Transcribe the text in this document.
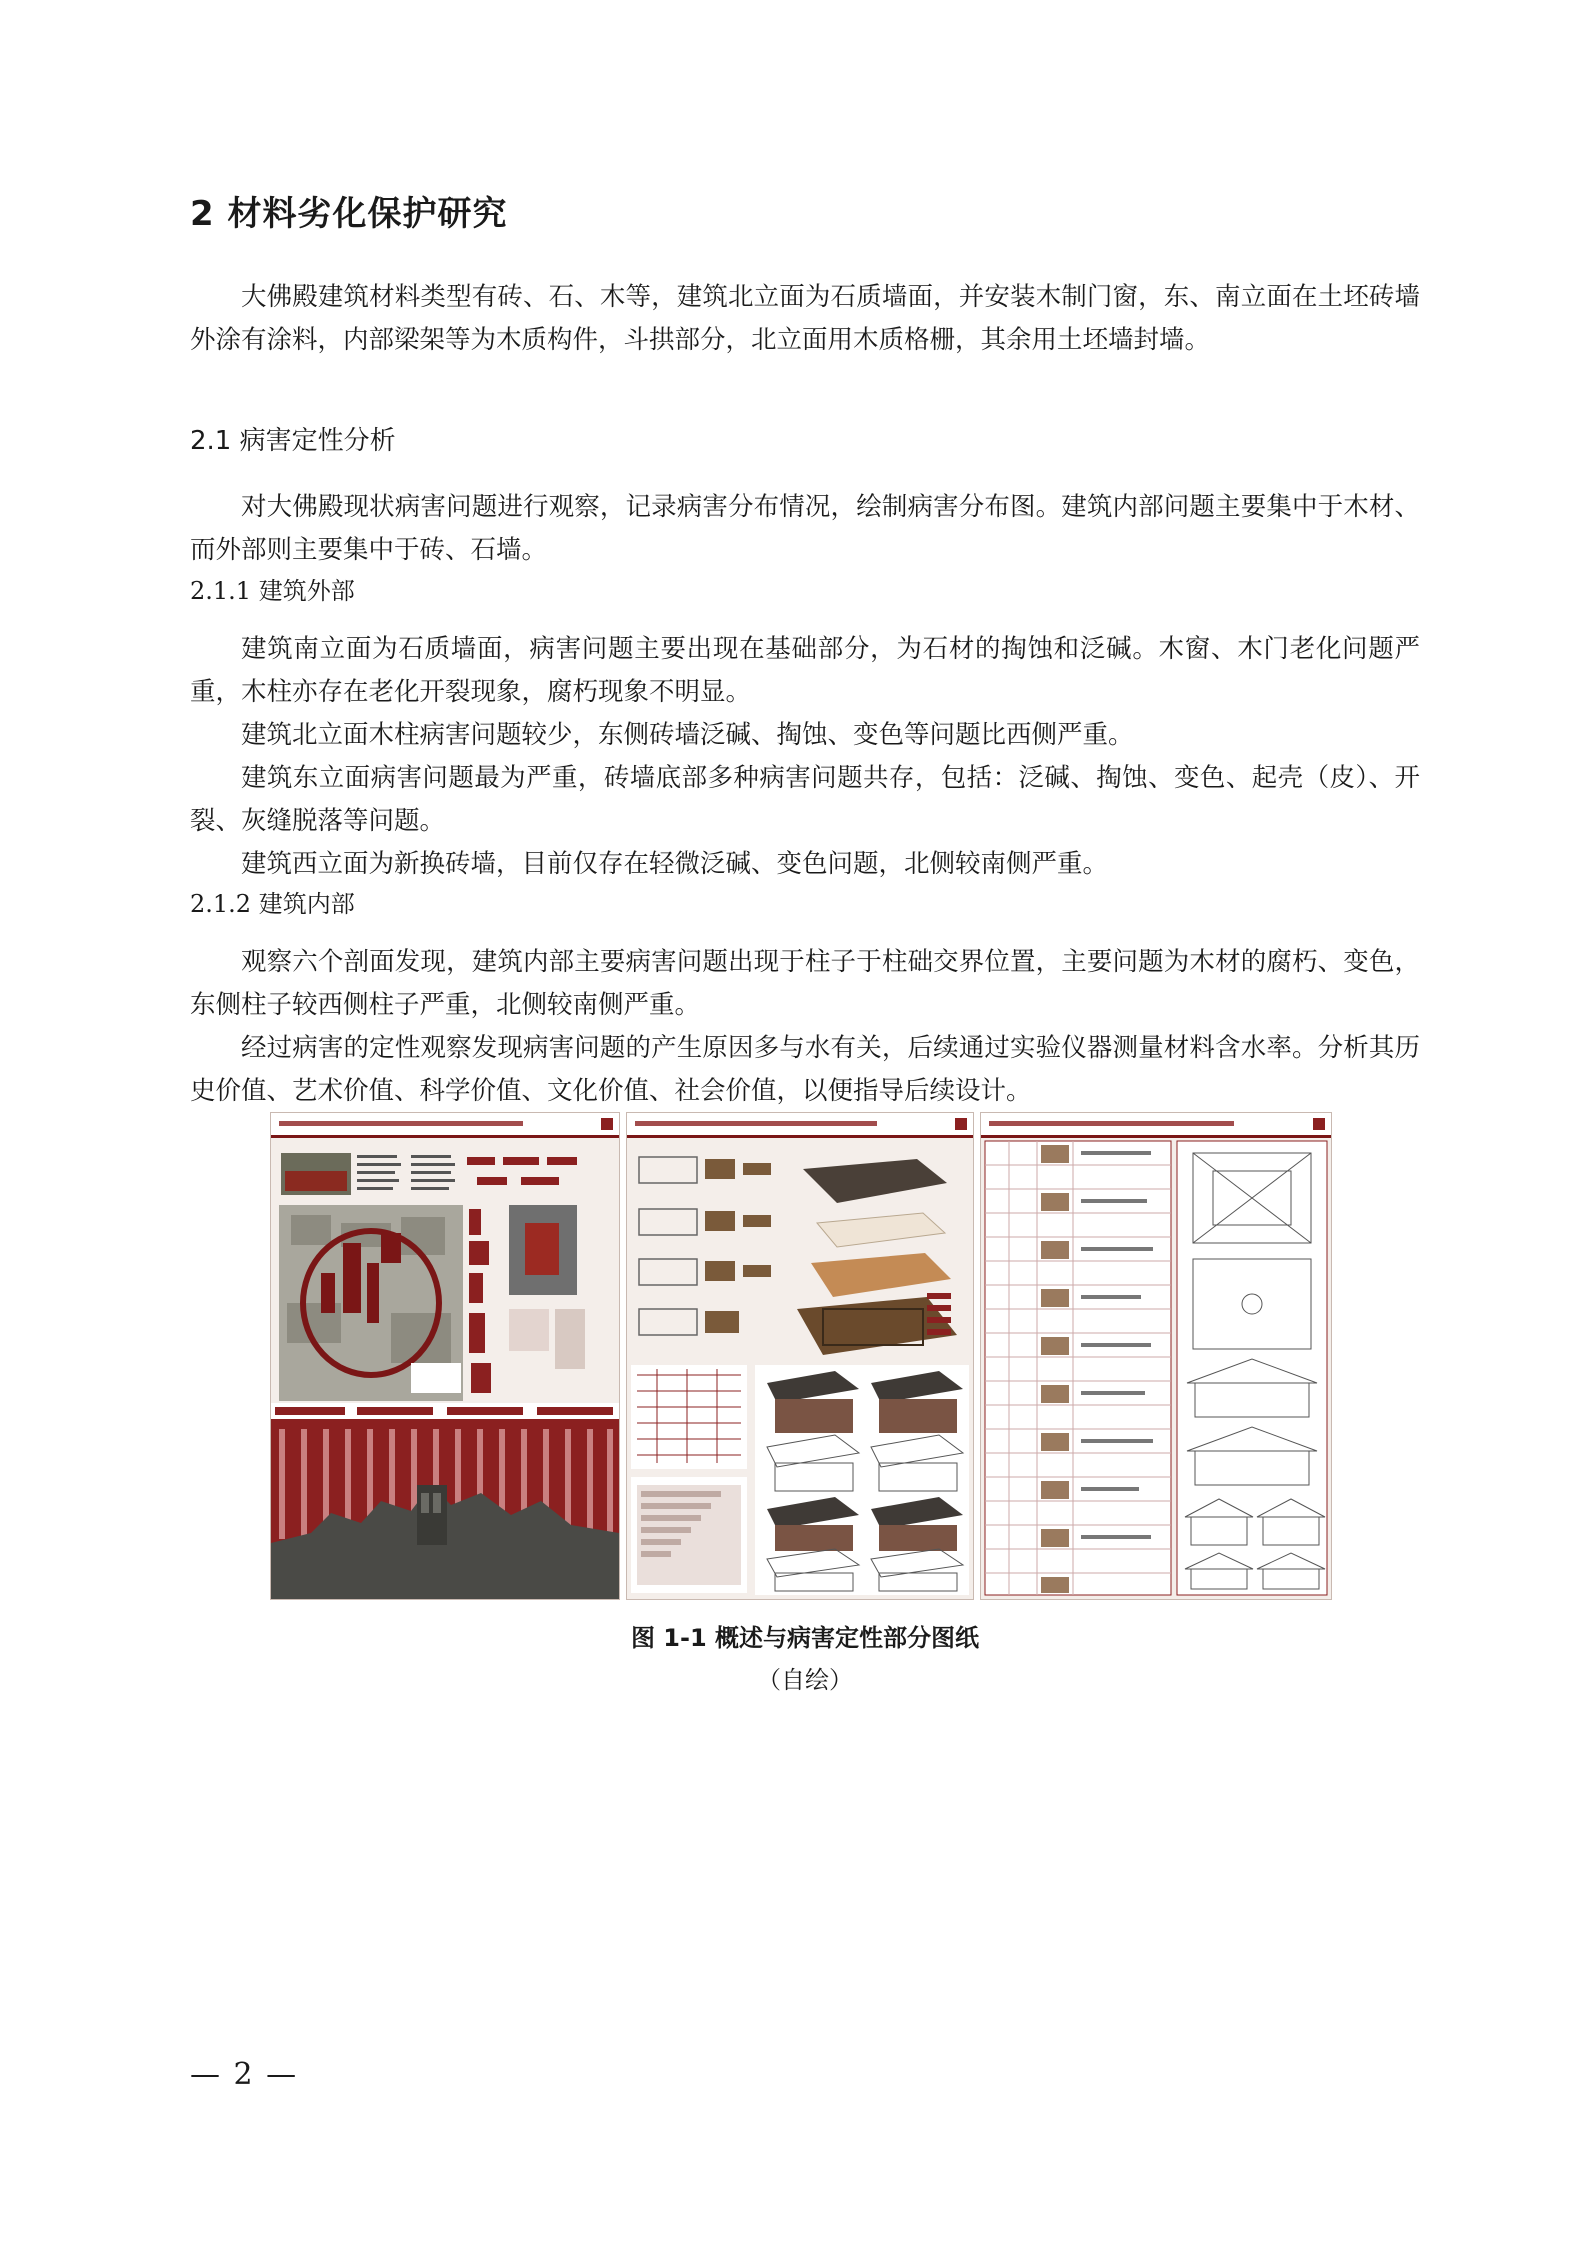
2 材料劣化保护研究

大佛殿建筑材料类型有砖、石、木等，建筑北立面为石质墙面，并安装木制门窗，东、南立面在土坯砖墙外涂有涂料，内部梁架等为木质构件，斗拱部分，北立面用木质格栅，其余用土坯墙封墙。

2.1 病害定性分析

对大佛殿现状病害问题进行观察，记录病害分布情况，绘制病害分布图。建筑内部问题主要集中于木材、而外部则主要集中于砖、石墙。

2.1.1 建筑外部

建筑南立面为石质墙面，病害问题主要出现在基础部分，为石材的掏蚀和泛碱。木窗、木门老化问题严重，木柱亦存在老化开裂现象，腐朽现象不明显。

建筑北立面木柱病害问题较少，东侧砖墙泛碱、掏蚀、变色等问题比西侧严重。

建筑东立面病害问题最为严重，砖墙底部多种病害问题共存，包括：泛碱、掏蚀、变色、起壳（皮）、开裂、灰缝脱落等问题。

建筑西立面为新换砖墙，目前仅存在轻微泛碱、变色问题，北侧较南侧严重。

2.1.2 建筑内部

观察六个剖面发现，建筑内部主要病害问题出现于柱子于柱础交界位置，主要问题为木材的腐朽、变色，东侧柱子较西侧柱子严重，北侧较南侧严重。

经过病害的定性观察发现病害问题的产生原因多与水有关，后续通过实验仪器测量材料含水率。分析其历史价值、艺术价值、科学价值、文化价值、社会价值，以便指导后续设计。

图 1-1 概述与病害定性部分图纸
（自绘）
— 2 —
